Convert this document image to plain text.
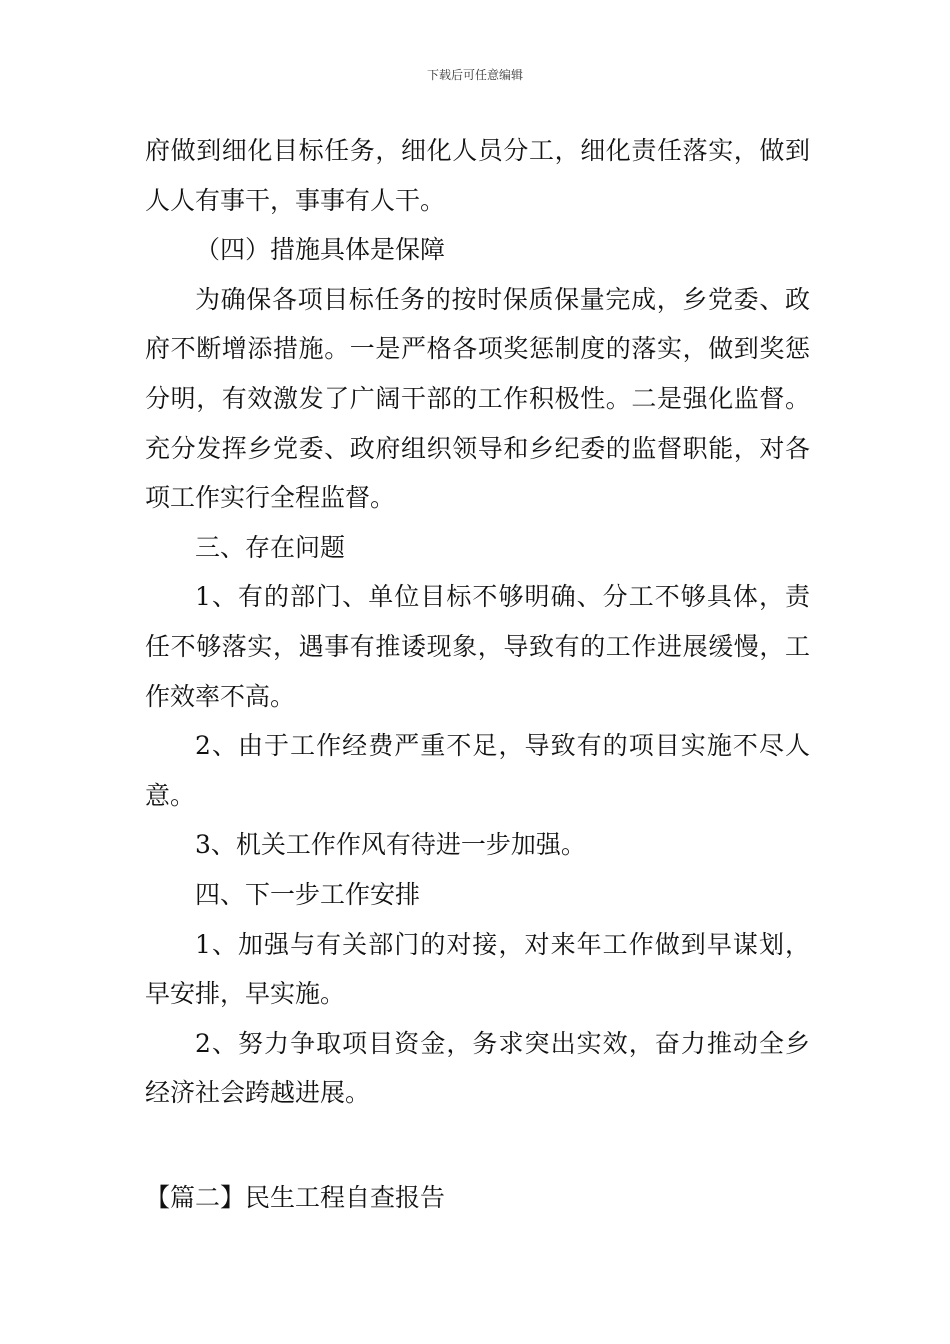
下载后可任意编辑

府做到细化目标任务，细化人员分工，细化责任落实，做到人人有事干，事事有人干。

（四）措施具体是保障

为确保各项目标任务的按时保质保量完成，乡党委、政府不断增添措施。一是严格各项奖惩制度的落实，做到奖惩分明，有效激发了广阔干部的工作积极性。二是强化监督。充分发挥乡党委、政府组织领导和乡纪委的监督职能，对各项工作实行全程监督。

三、存在问题

1、有的部门、单位目标不够明确、分工不够具体，责任不够落实，遇事有推诿现象，导致有的工作进展缓慢，工作效率不高。

2、由于工作经费严重不足，导致有的项目实施不尽人意。

3、机关工作作风有待进一步加强。

四、下一步工作安排

1、加强与有关部门的对接，对来年工作做到早谋划，早安排，早实施。

2、努力争取项目资金，务求突出实效，奋力推动全乡经济社会跨越进展。

【篇二】民生工程自查报告
